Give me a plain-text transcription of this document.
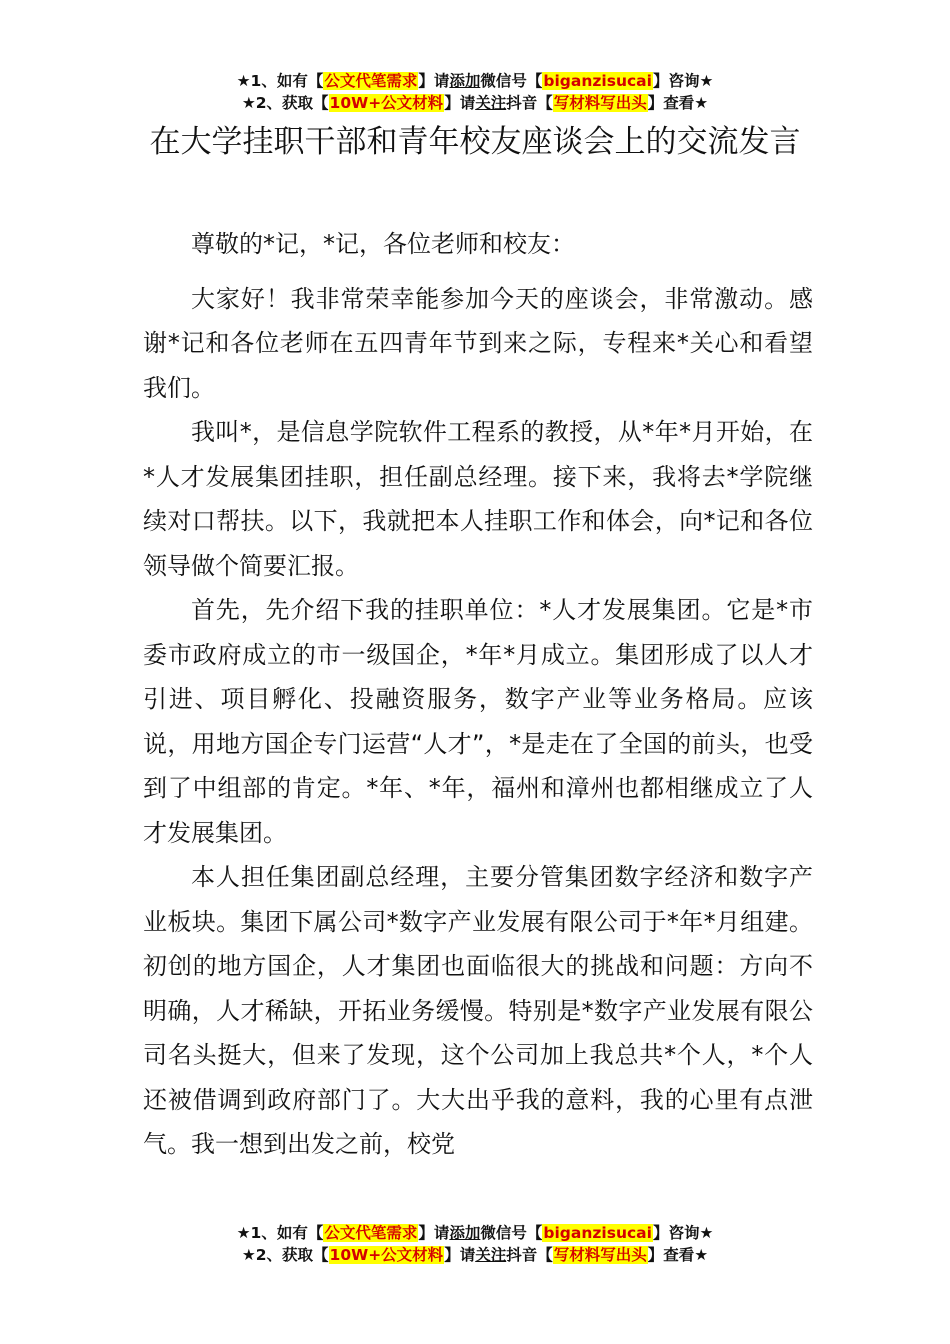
★1、如有【公文代笔需求】请添加微信号【biganzisucai】咨询★
★2、获取【10W+公文材料】请关注抖音【写材料写出头】查看★
在大学挂职干部和青年校友座谈会上的交流发言

尊敬的*记，*记，各位老师和校友：

大家好！我非常荣幸能参加今天的座谈会，非常激动。感谢*记和各位老师在五四青年节到来之际，专程来*关心和看望我们。

我叫*，是信息学院软件工程系的教授，从*年*月开始，在*人才发展集团挂职，担任副总经理。接下来，我将去*学院继续对口帮扶。以下，我就把本人挂职工作和体会，向*记和各位领导做个简要汇报。

首先，先介绍下我的挂职单位：*人才发展集团。它是*市委市政府成立的市一级国企，*年*月成立。集团形成了以人才引进、项目孵化、投融资服务，数字产业等业务格局。应该说，用地方国企专门运营“人才”，*是走在了全国的前头，也受到了中组部的肯定。*年、*年，福州和漳州也都相继成立了人才发展集团。

本人担任集团副总经理，主要分管集团数字经济和数字产业板块。集团下属公司*数字产业发展有限公司于*年*月组建。初创的地方国企，人才集团也面临很大的挑战和问题：方向不明确，人才稀缺，开拓业务缓慢。特别是*数字产业发展有限公司名头挺大，但来了发现，这个公司加上我总共*个人，*个人还被借调到政府部门了。大大出乎我的意料，我的心里有点泄气。我一想到出发之前，校党

★1、如有【公文代笔需求】请添加微信号【biganzisucai】咨询★
★2、获取【10W+公文材料】请关注抖音【写材料写出头】查看★
